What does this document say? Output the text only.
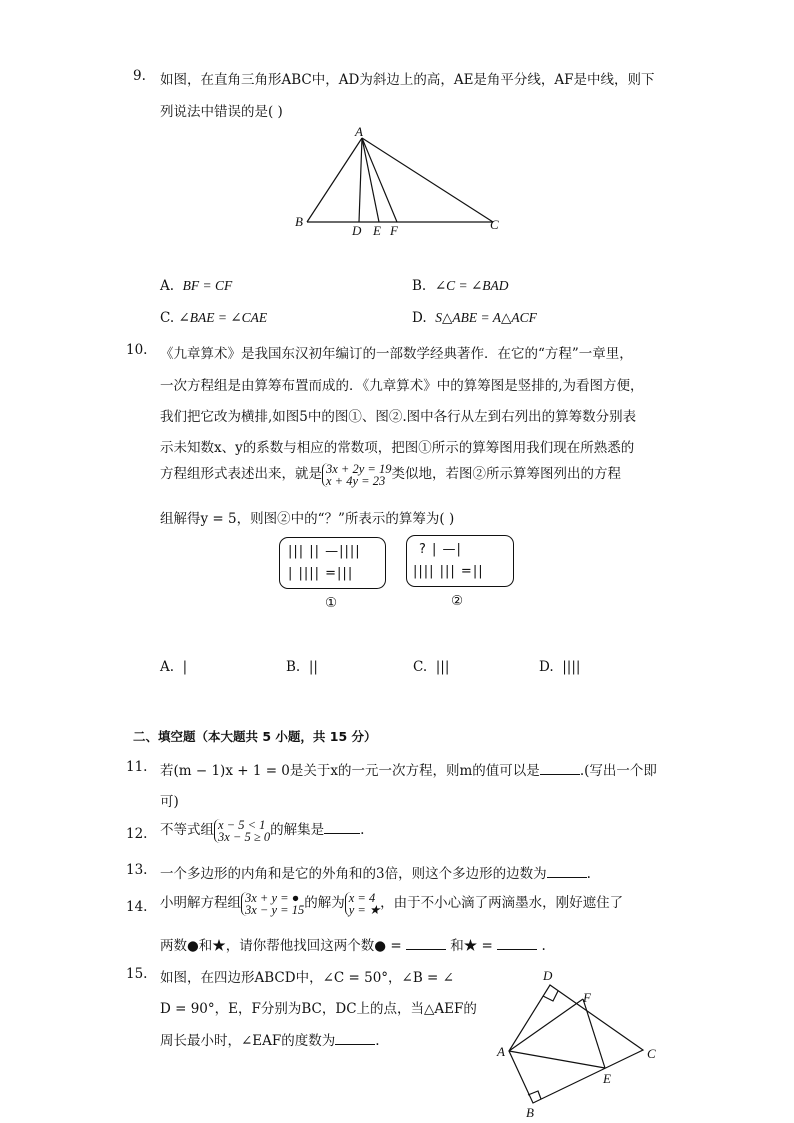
9. 如图，在直角三角形ABC中，AD为斜边上的高，AE是角平分线，AF是中线，则下
列说法中错误的是( )
A
B	C
D E F
A. BF = CF	B. ∠C = ∠BAD
C. ∠BAE = ∠CAE	D. S△ABE = A△ACF
10. 《九章算术》是我国东汉初年编订的一部数学经典著作．在它的“方程”一章里，
一次方程组是由算筹布置而成的．《九章算术》中的算筹图是竖排的,为看图方便，
我们把它改为横排,如图5中的图①、图②.图中各行从左到右列出的算筹数分别表
示未知数x、y的系数与相应的常数项，把图①所示的算筹图用我们现在所熟悉的
方程组形式表述出来，就是 3x + 2y = 19
x + 4y = 23 类似地，若图②所示算筹图列出的方程
组解得y = 5，则图②中的“？”所表示的算筹为( )
||| || —||||
| |||| =|||
①
? | —|
|||| ||| =||
②
A. |	B. ||	C. |||	D. ||||
二、填空题（本大题共 5 小题，共 15 分）
11. 若(m − 1)x + 1 = 0是关于x的一元一次方程，则m的值可以是	.(写出一个即
可)
12. 不等式组 x − 5 < 1
3x − 5 ≥ 0的解集是	.
13. 一个多边形的内角和是它的外角和的3倍，则这个多边形的边数为	.
14. 小明解方程组 3x + y = ●
3x − y = 15的解为 x = 4
y = ★，由于不小心滴了两滴墨水，刚好遮住了
两数●和★，请你帮他找回这两个数● =	和★ =	.
15. 如图，在四边形ABCD中，∠C = 50°，∠B = ∠
D = 90°，E，F分别为BC，DC上的点，当△AEF的
周长最小时，∠EAF的度数为	.
D
A
F
C
E
B
